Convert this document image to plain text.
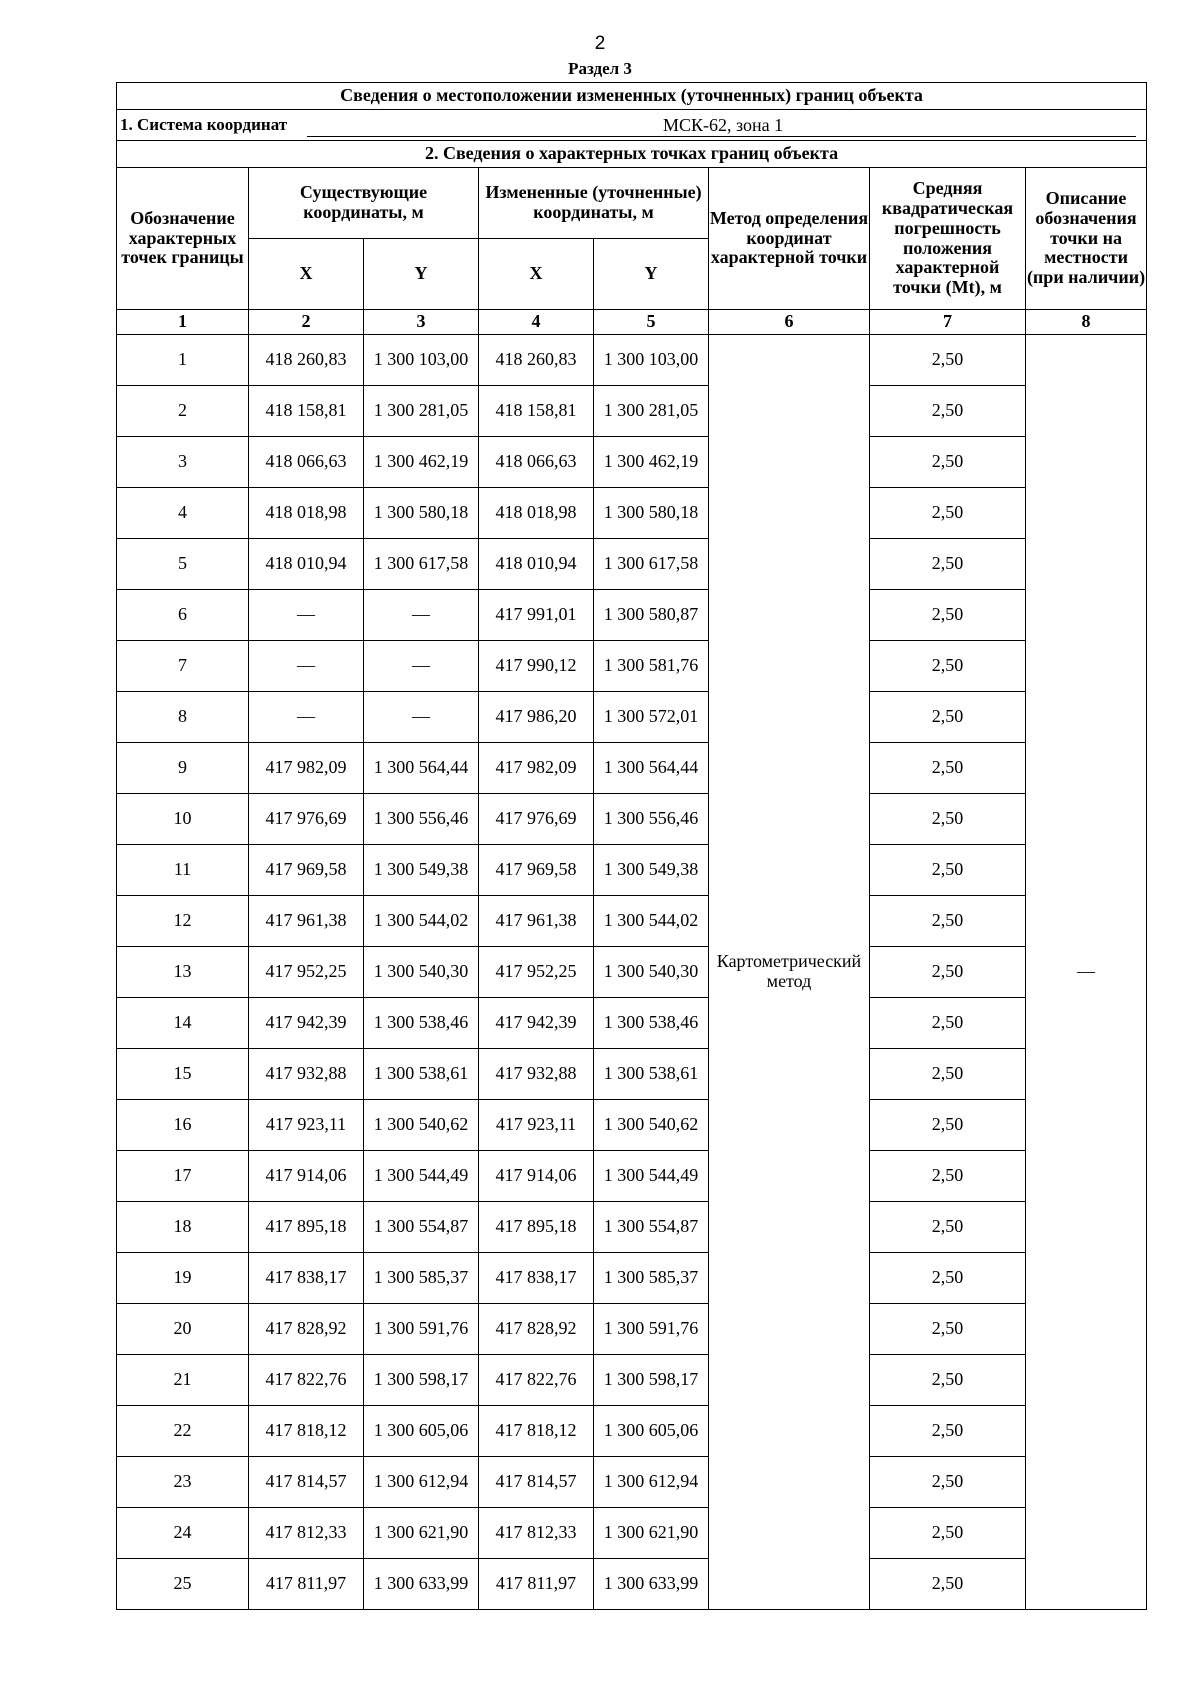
2
Раздел 3
Сведения о местоположении измененных (уточненных) границ объекта							

1. Система координат МСК-62, зона 1							

2. Сведения о характерных точках границ объекта							
Обозначение характерных точек границы	Существующие координаты, м		Измененные (уточненные) координаты, м		Метод определения координат характерной точки	Средняя квадратическая погрешность положения характерной точки (Mt), м	Описание обозначения точки на местности (при наличии)
	X	Y	X	Y			
1	2	3	4	5	6	7	8
1	418 260,83	1 300 103,00	418 260,83	1 300 103,00	Картометрический метод	2,50	—
2	418 158,81	1 300 281,05	418 158,81	1 300 281,05		2,50	
3	418 066,63	1 300 462,19	418 066,63	1 300 462,19		2,50	
4	418 018,98	1 300 580,18	418 018,98	1 300 580,18		2,50	
5	418 010,94	1 300 617,58	418 010,94	1 300 617,58		2,50	
6	—	—	417 991,01	1 300 580,87		2,50	
7	—	—	417 990,12	1 300 581,76		2,50	
8	—	—	417 986,20	1 300 572,01		2,50	
9	417 982,09	1 300 564,44	417 982,09	1 300 564,44		2,50	
10	417 976,69	1 300 556,46	417 976,69	1 300 556,46		2,50	
11	417 969,58	1 300 549,38	417 969,58	1 300 549,38		2,50	
12	417 961,38	1 300 544,02	417 961,38	1 300 544,02		2,50	
13	417 952,25	1 300 540,30	417 952,25	1 300 540,30		2,50	
14	417 942,39	1 300 538,46	417 942,39	1 300 538,46		2,50	
15	417 932,88	1 300 538,61	417 932,88	1 300 538,61		2,50	
16	417 923,11	1 300 540,62	417 923,11	1 300 540,62		2,50	
17	417 914,06	1 300 544,49	417 914,06	1 300 544,49		2,50	
18	417 895,18	1 300 554,87	417 895,18	1 300 554,87		2,50	
19	417 838,17	1 300 585,37	417 838,17	1 300 585,37		2,50	
20	417 828,92	1 300 591,76	417 828,92	1 300 591,76		2,50	
21	417 822,76	1 300 598,17	417 822,76	1 300 598,17		2,50	
22	417 818,12	1 300 605,06	417 818,12	1 300 605,06		2,50	
23	417 814,57	1 300 612,94	417 814,57	1 300 612,94		2,50	
24	417 812,33	1 300 621,90	417 812,33	1 300 621,90		2,50	
25	417 811,97	1 300 633,99	417 811,97	1 300 633,99		2,50	
